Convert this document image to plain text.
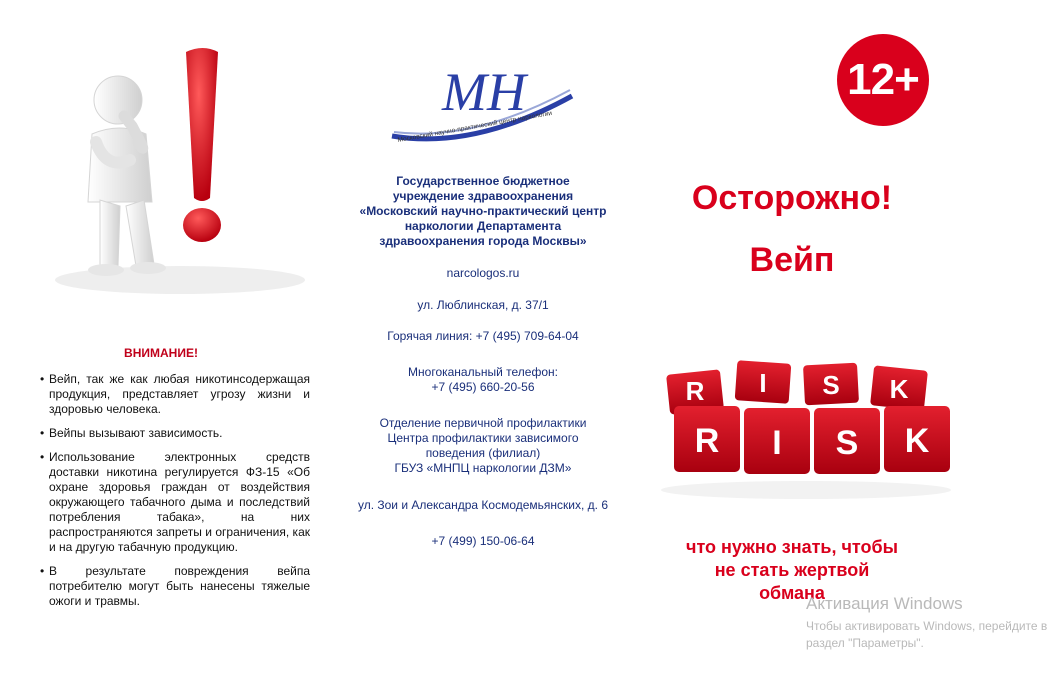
ВНИМАНИЕ!
• Вейп, так же как любая никотинсодержащая продукция, представляет угрозу жизни и здоровью человека.
• Вейпы вызывают зависимость.
• Использование электронных средств доставки никотина регулируется ФЗ-15 «Об охране здоровья граждан от воздействия окружающего табачного дыма и последствий потребления табака», на них распространяются запреты и ограничения, как и на другую табачную продукцию.
• В результате повреждения вейпа потребителю могут быть нанесены тяжелые ожоги и травмы.
МН
Московский научно-практический центр наркологии
Государственное бюджетное
учреждение здравоохранения
«Московский научно-практический центр
наркологии Департамента
здравоохранения города Москвы»
narcologos.ru
ул. Люблинская, д. 37/1
Горячая линия: +7 (495) 709-64-04
Многоканальный телефон:
+7 (495) 660-20-56
Отделение первичной профилактики
Центра профилактики зависимого
поведения (филиал)
ГБУЗ «МНПЦ наркологии ДЗМ»
ул. Зои и Александра Космодемьянских, д. 6
+7 (499) 150-06-64
12+
Осторожно!
Вейп
R I S K
R I S K
что нужно знать, чтобы
не стать жертвой
обмана
Активация Windows
Чтобы активировать Windows, перейдите в
раздел "Параметры".
